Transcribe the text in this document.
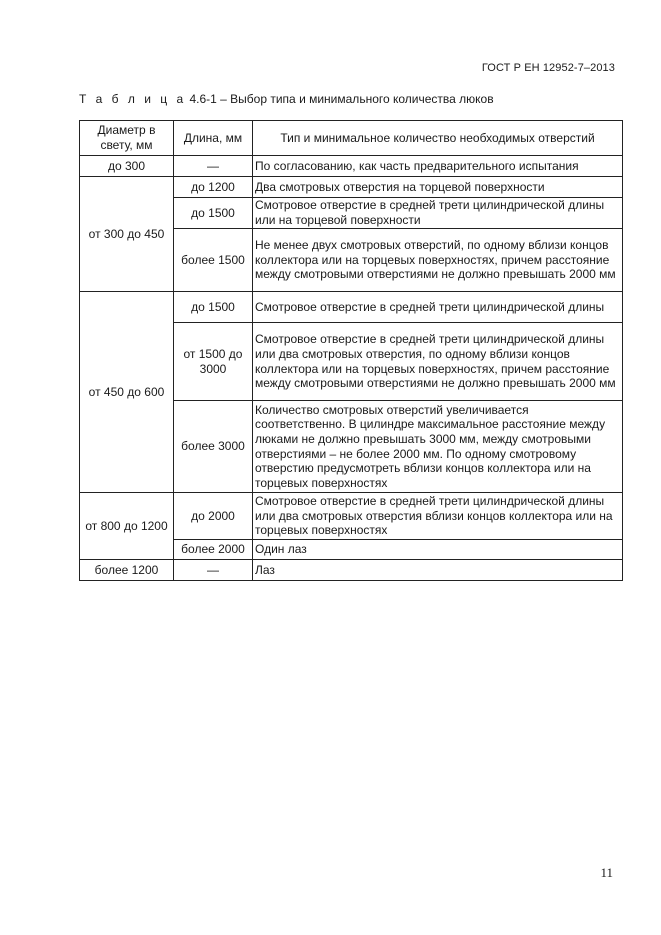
ГОСТ Р ЕН 12952-7–2013
Т а б л и ц а 4.6-1 – Выбор типа и минимального количества люков
Диаметр в свету, мм	Длина, мм	Тип и минимальное количество необходимых отверстий
до 300	—	По согласованию, как часть предварительного испытания
от 300 до 450	до 1200	Два смотровых отверстия на торцевой поверхности
	до 1500	Смотровое отверстие в средней трети цилиндрической длины или на торцевой поверхности
	более 1500	Не менее двух смотровых отверстий, по одному вблизи концов коллектора или на торцевых поверхностях, причем расстояние между смотровыми отверстиями не должно превышать 2000 мм
от 450 до 600	до 1500	Смотровое отверстие в средней трети цилиндрической длины
	от 1500 до 3000	Смотровое отверстие в средней трети цилиндрической длины или два смотровых отверстия, по одному вблизи концов коллектора или на торцевых поверхностях, причем расстояние между смотровыми отверстиями не должно превышать 2000 мм
	более 3000	Количество смотровых отверстий увеличивается соответственно. В цилиндре максимальное расстояние между люками не должно превышать 3000 мм, между смотровыми отверстиями – не более 2000 мм. По одному смотровому отверстию предусмотреть вблизи концов коллектора или на торцевых поверхностях
от 800 до 1200	до 2000	Смотровое отверстие в средней трети цилиндрической длины или два смотровых отверстия вблизи концов коллектора или на торцевых поверхностях
	более 2000	Один лаз
более 1200	—	Лаз
11
